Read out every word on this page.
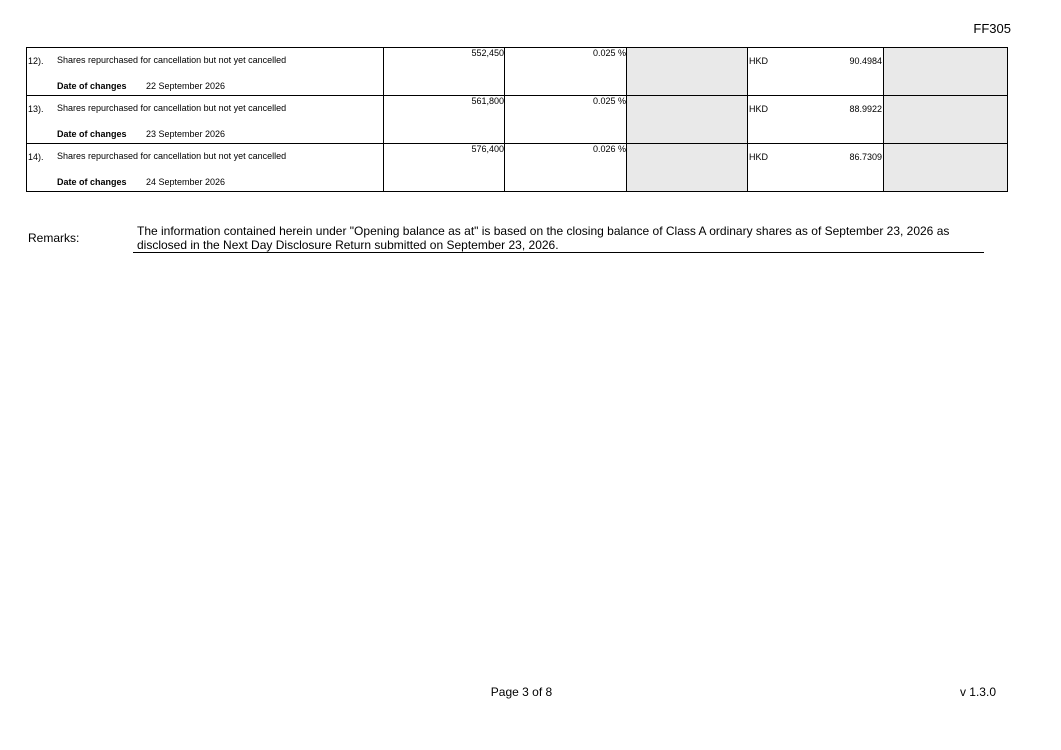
FF305
12). Shares repurchased for cancellation but not yet cancelled
Date of changes 22 September 2026	552,450	0.025 %		HKD 90.4984	

13). Shares repurchased for cancellation but not yet cancelled
Date of changes 23 September 2026	561,800	0.025 %		HKD 88.9922	

14). Shares repurchased for cancellation but not yet cancelled
Date of changes 24 September 2026	576,400	0.026 %		HKD 86.7309	

Remarks:	The information contained herein under "Opening balance as at" is based on the closing balance of Class A ordinary shares as of September 23, 2026 as disclosed in the Next Day Disclosure Return submitted on September 23, 2026.
Page 3 of 8	v 1.3.0
